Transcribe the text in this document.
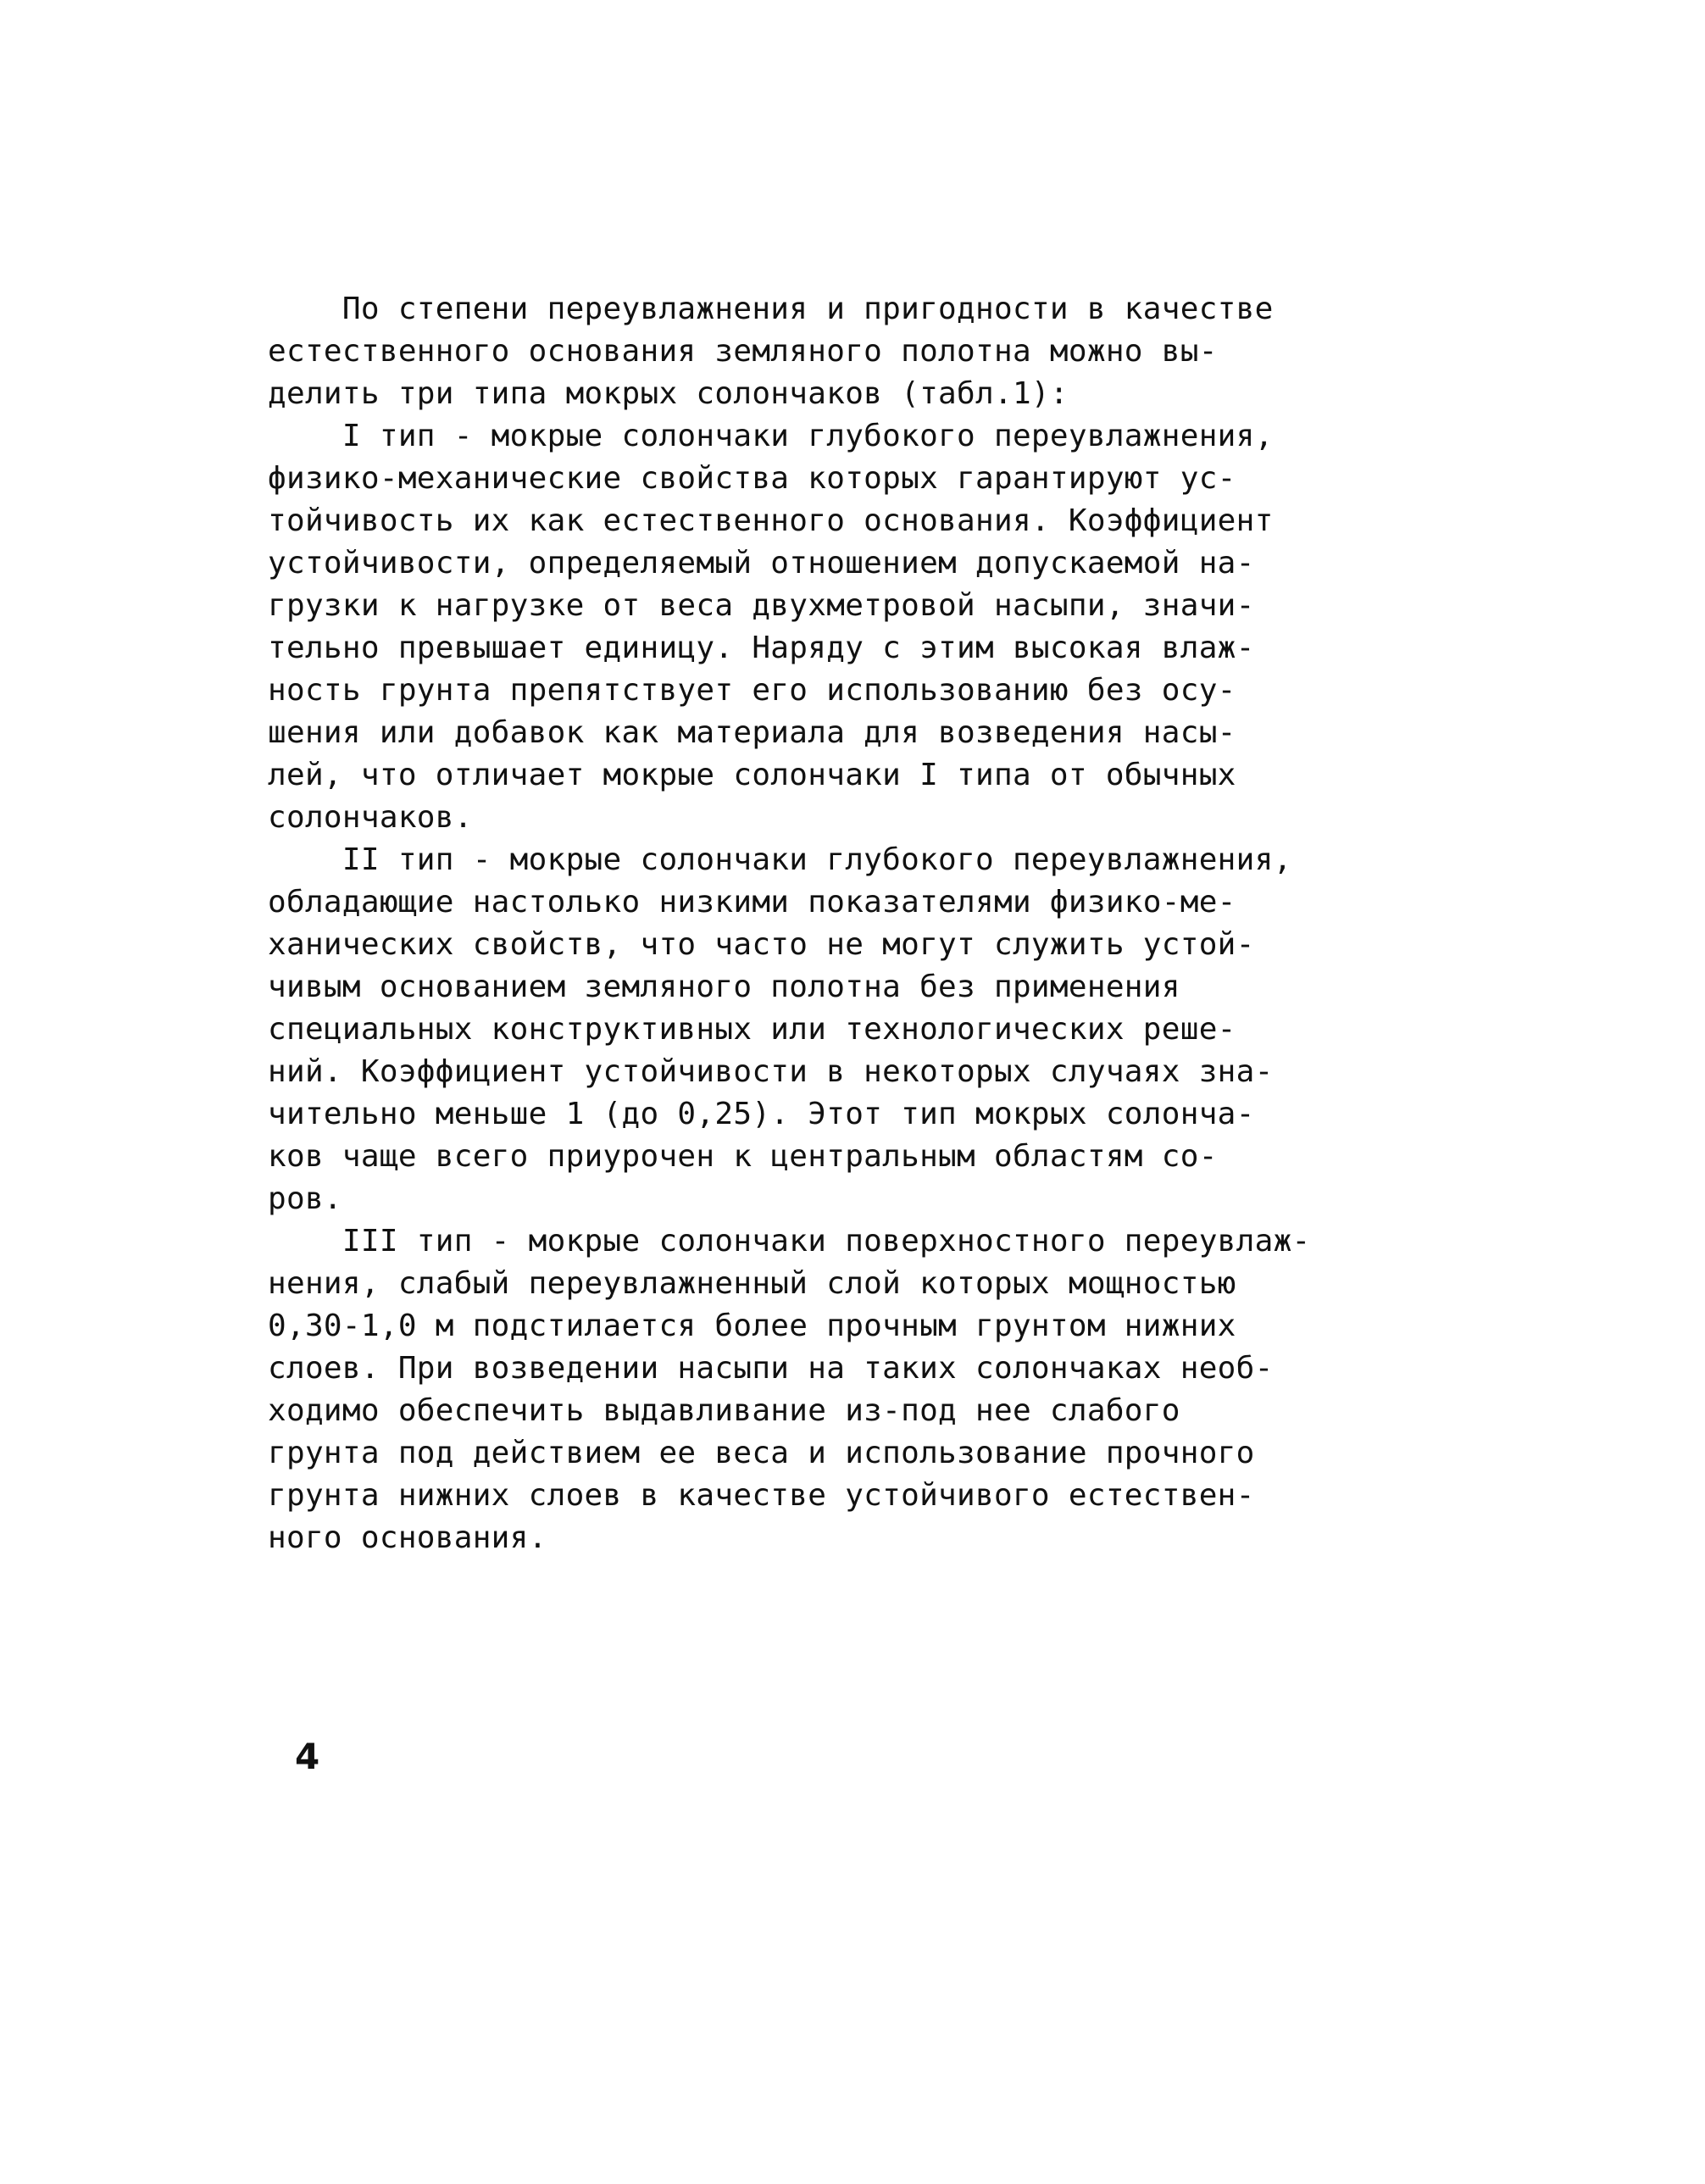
По степени переувлажнения и пригодности в качестве
естественного основания земляного полотна можно вы-
делить три типа мокрых солончаков (табл.1):
I тип - мокрые солончаки глубокого переувлажнения,
физико-механические свойства которых гарантируют ус-
тойчивость их как естественного основания. Коэффициент
устойчивости, определяемый отношением допускаемой на-
грузки к нагрузке от веса двухметровой насыпи, значи-
тельно превышает единицу. Наряду с этим высокая влаж-
ность грунта препятствует его использованию без осу-
шения или добавок как материала для возведения насы-
лей, что отличает мокрые солончаки I типа от обычных
солончаков.
II тип - мокрые солончаки глубокого переувлажнения,
обладающие настолько низкими показателями физико-ме-
ханических свойств, что часто не могут служить устой-
чивым основанием земляного полотна без применения
специальных конструктивных или технологических реше-
ний. Коэффициент устойчивости в некоторых случаях зна-
чительно меньше 1 (до 0,25). Этот тип мокрых солонча-
ков чаще всего приурочен к центральным областям со-
ров.
III тип - мокрые солончаки поверхностного переувлаж-
нения, слабый переувлажненный слой которых мощностью
0,30-1,0 м подстилается более прочным грунтом нижних
слоев. При возведении насыпи на таких солончаках необ-
ходимо обеспечить выдавливание из-под нее слабого
грунта под действием ее веса и использование прочного
грунта нижних слоев в качестве устойчивого естествен-
ного основания.
4
